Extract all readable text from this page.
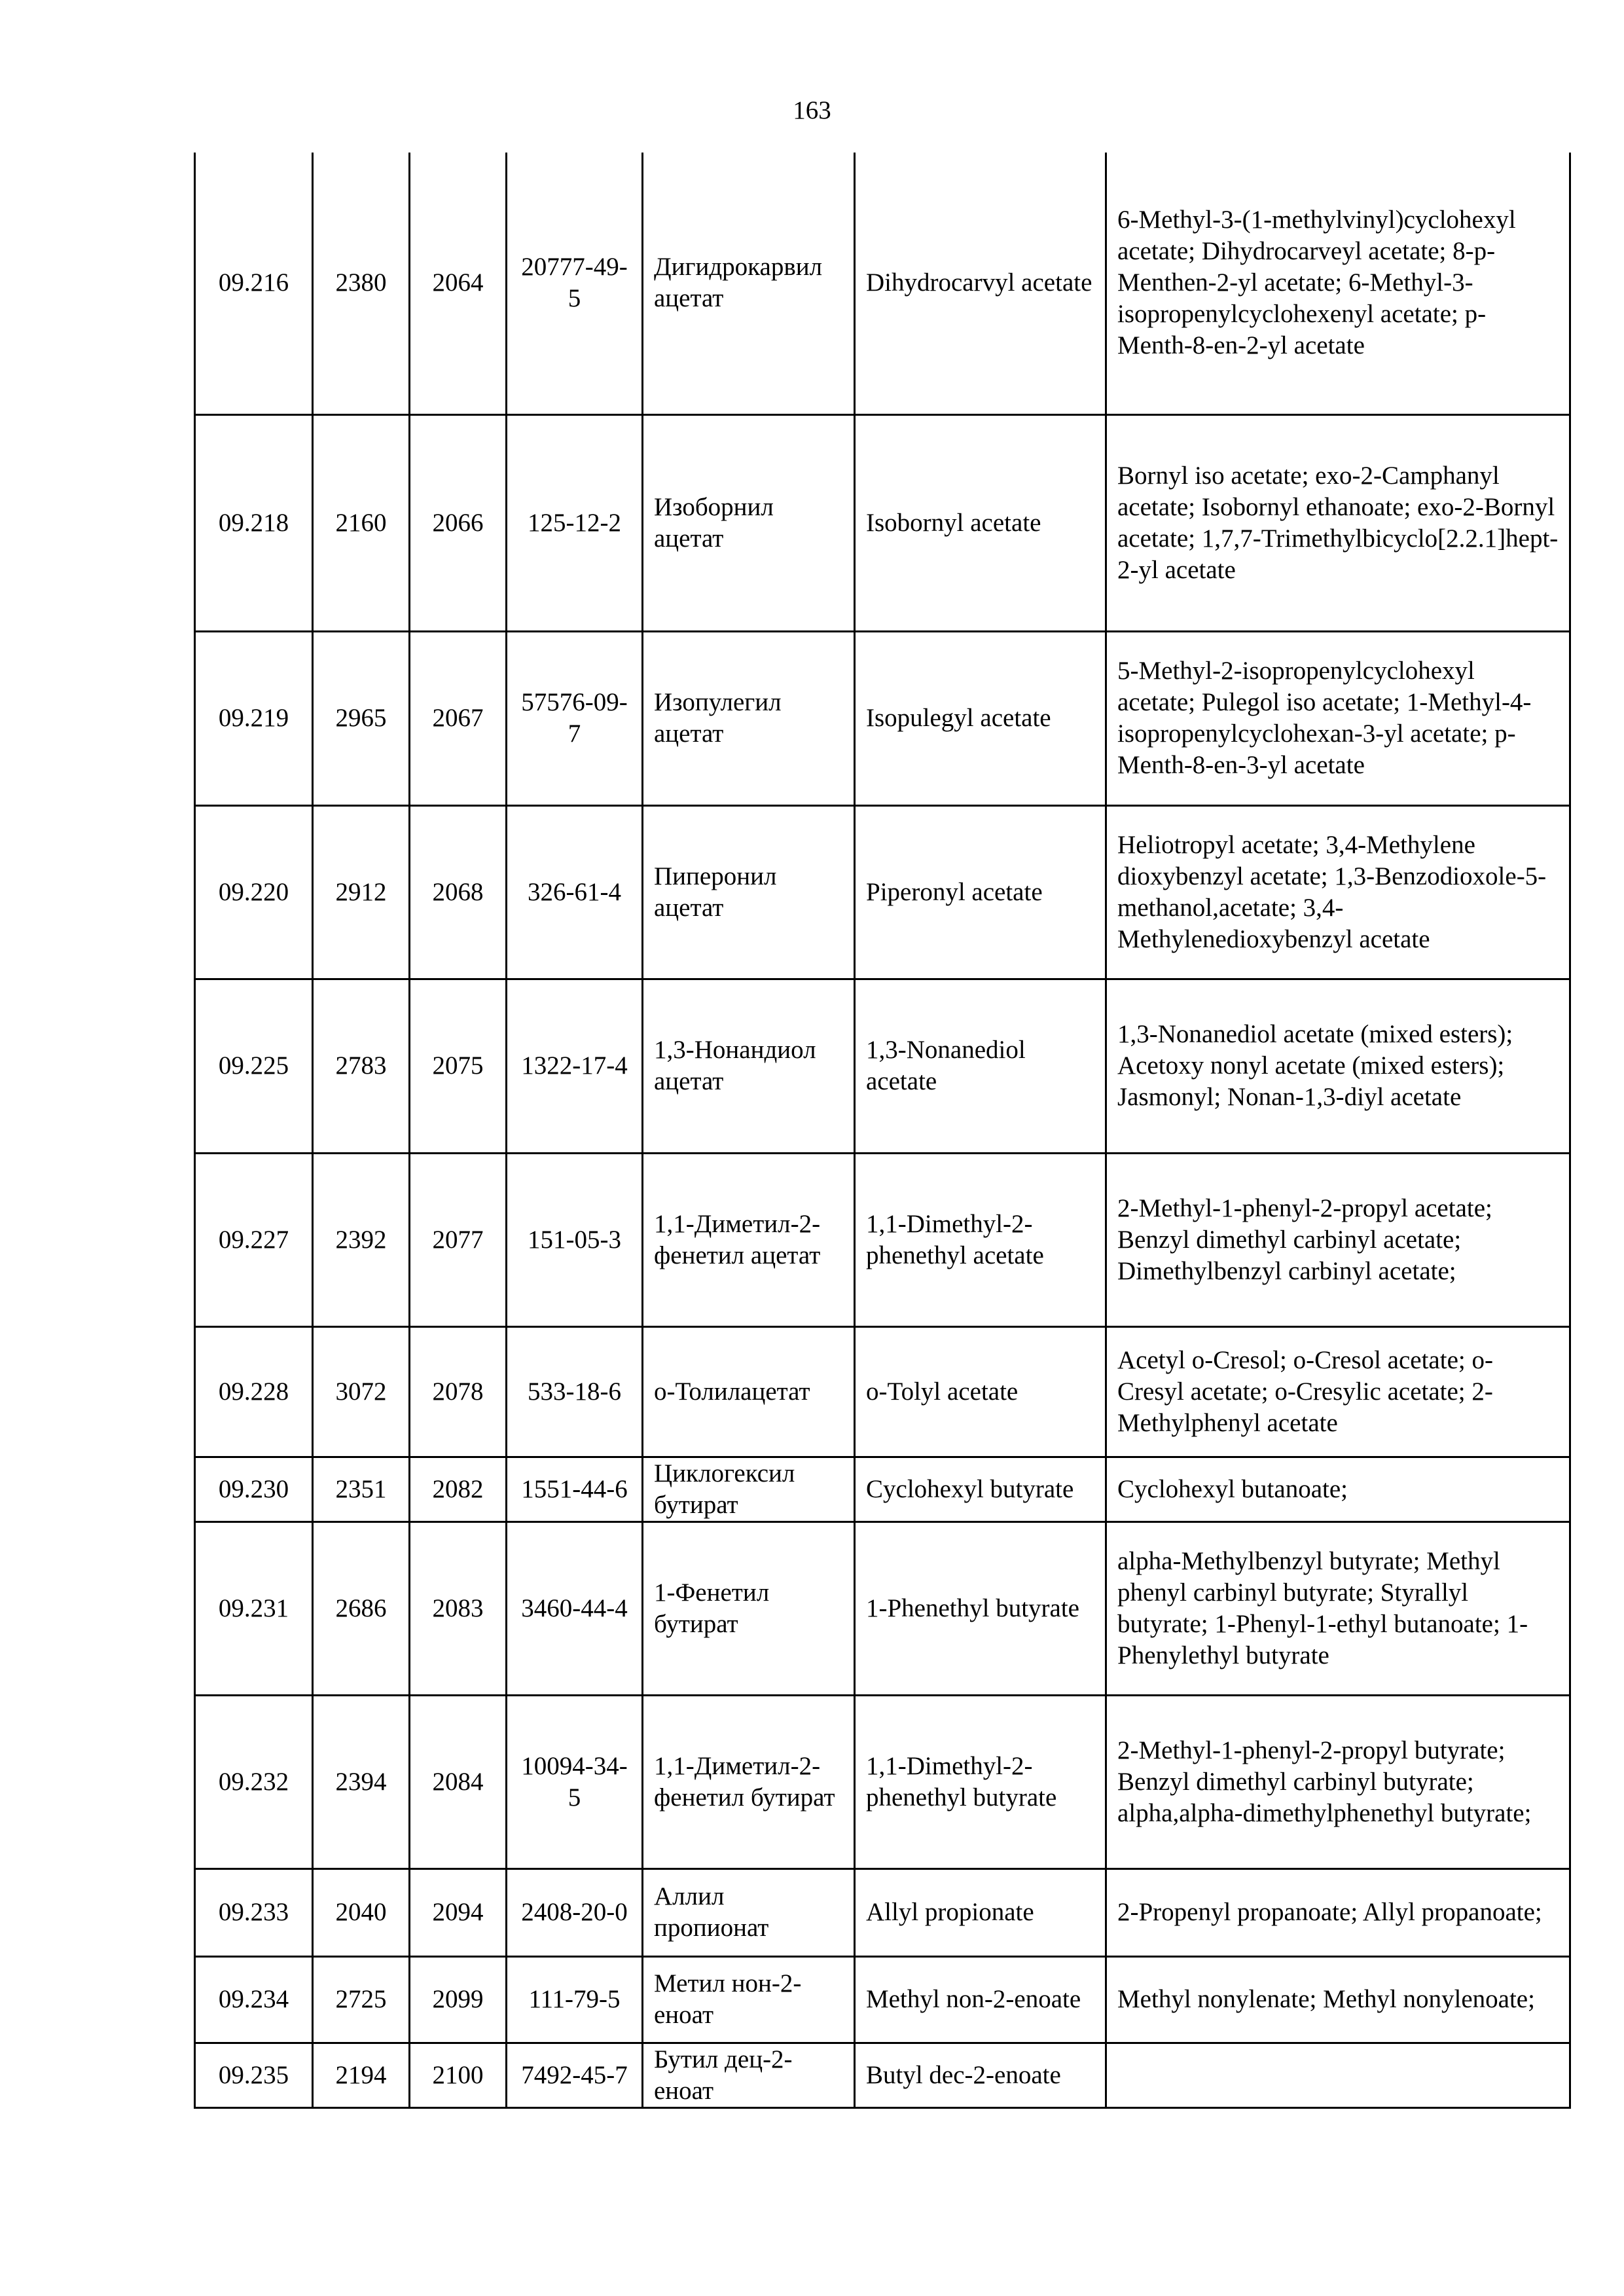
163
09.216	2380	2064	20777-49-5	Дигидрокарвил ацетат	Dihydrocarvyl acetate	6-Methyl-3-(1-methylvinyl)cyclohexyl acetate; Dihydrocarveyl acetate; 8-p-Menthen-2-yl acetate; 6-Methyl-3-isopropenylcyclohexenyl acetate; p-Menth-8-en-2-yl acetate
09.218	2160	2066	125-12-2	Изоборнил ацетат	Isobornyl acetate	Bornyl iso acetate; exo-2-Camphanyl acetate; Isobornyl ethanoate; exo-2-Bornyl acetate; 1,7,7-Trimethylbicyclo[2.2.1]hept-2-yl acetate
09.219	2965	2067	57576-09-7	Изопулегил ацетат	Isopulegyl acetate	5-Methyl-2-isopropenylcyclohexyl acetate; Pulegol iso acetate; 1-Methyl-4-isopropenylcyclohexan-3-yl acetate; p-Menth-8-en-3-yl acetate
09.220	2912	2068	326-61-4	Пиперонил ацетат	Piperonyl acetate	Heliotropyl acetate; 3,4-Methylene dioxybenzyl acetate; 1,3-Benzodioxole-5-methanol,acetate; 3,4-Methylenedioxybenzyl acetate
09.225	2783	2075	1322-17-4	1,3-Нонандиол ацетат	1,3-Nonanediol acetate	1,3-Nonanediol acetate (mixed esters); Acetoxy nonyl acetate (mixed esters); Jasmonyl; Nonan-1,3-diyl acetate
09.227	2392	2077	151-05-3	1,1-Диметил-2-фенетил ацетат	1,1-Dimethyl-2-phenethyl acetate	2-Methyl-1-phenyl-2-propyl acetate; Benzyl dimethyl carbinyl acetate; Dimethylbenzyl carbinyl acetate;
09.228	3072	2078	533-18-6	о-Толилацетат	o-Tolyl acetate	Acetyl o-Cresol; o-Cresol acetate; o-Cresyl acetate; o-Cresylic acetate; 2-Methylphenyl acetate
09.230	2351	2082	1551-44-6	Циклогексил бутират	Cyclohexyl butyrate	Cyclohexyl butanoate;
09.231	2686	2083	3460-44-4	1-Фенетил бутират	1-Phenethyl butyrate	alpha-Methylbenzyl butyrate; Methyl phenyl carbinyl butyrate; Styrallyl butyrate; 1-Phenyl-1-ethyl butanoate; 1-Phenylethyl butyrate
09.232	2394	2084	10094-34-5	1,1-Диметил-2-фенетил бутират	1,1-Dimethyl-2-phenethyl butyrate	2-Methyl-1-phenyl-2-propyl butyrate; Benzyl dimethyl carbinyl butyrate; alpha,alpha-dimethylphenethyl butyrate;
09.233	2040	2094	2408-20-0	Аллил пропионат	Allyl propionate	2-Propenyl propanoate; Allyl propanoate;
09.234	2725	2099	111-79-5	Метил нон-2-еноат	Methyl non-2-enoate	Methyl nonylenate; Methyl nonylenoate;
09.235	2194	2100	7492-45-7	Бутил дец-2-еноат	Butyl dec-2-enoate	
